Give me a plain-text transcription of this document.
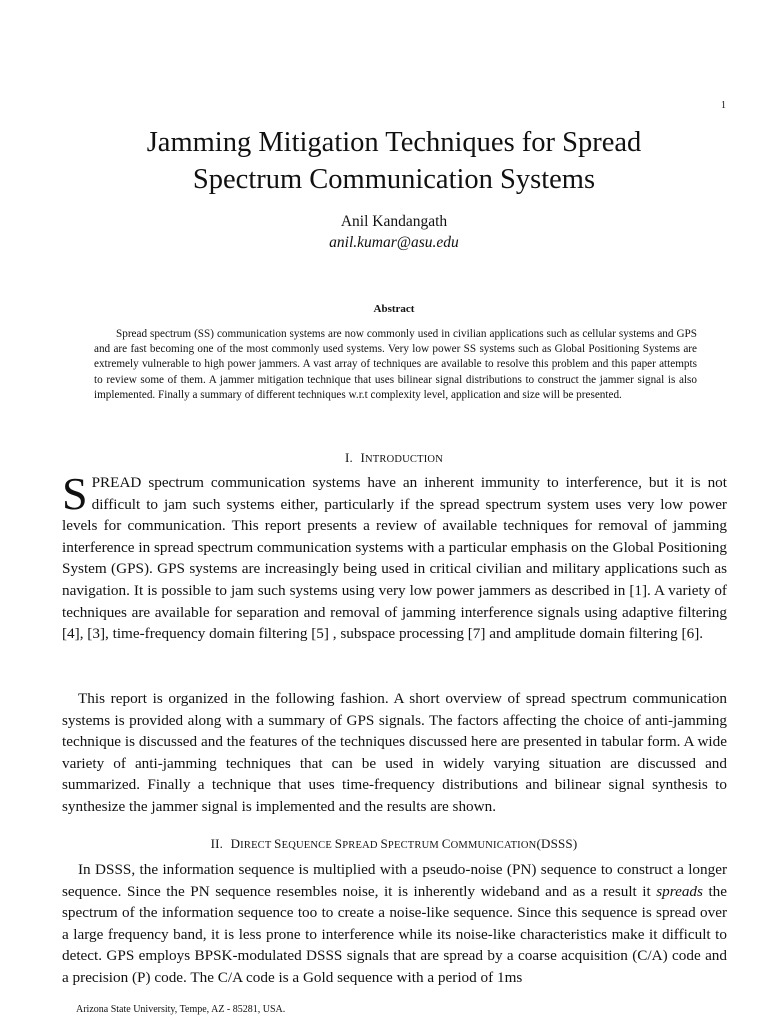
1
Jamming Mitigation Techniques for Spread
Spectrum Communication Systems
Anil Kandangath
anil.kumar@asu.edu
Abstract

Spread spectrum (SS) communication systems are now commonly used in civilian applications such as cellular systems and GPS and are fast becoming one of the most commonly used systems. Very low power SS systems such as Global Positioning Systems are extremely vulnerable to high power jammers. A vast array of techniques are available to resolve this problem and this paper attempts to review some of them. A jammer mitigation technique that uses bilinear signal distributions to construct the jammer signal is also implemented. Finally a summary of different techniques w.r.t complexity level, application and size will be presented.

I. INTRODUCTION

SPREAD spectrum communication systems have an inherent immunity to interference, but it is not difficult to jam such systems either, particularly if the spread spectrum system uses very low power levels for communication. This report presents a review of available techniques for removal of jamming interference in spread spectrum communication systems with a particular emphasis on the Global Positioning System (GPS). GPS systems are increasingly being used in critical civilian and military applications such as navigation. It is possible to jam such systems using very low power jammers as described in [1]. A variety of techniques are available for separation and removal of jamming interference signals using adaptive filtering [4], [3], time-frequency domain filtering [5] , subspace processing [7] and amplitude domain filtering [6].

This report is organized in the following fashion. A short overview of spread spectrum communication systems is provided along with a summary of GPS signals. The factors affecting the choice of anti-jamming technique is discussed and the features of the techniques discussed here are presented in tabular form. A wide variety of anti-jamming techniques that can be used in widely varying situation are discussed and summarized. Finally a technique that uses time-frequency distributions and bilinear signal synthesis to synthesize the jammer signal is implemented and the results are shown.

II. DIRECT SEQUENCE SPREAD SPECTRUM COMMUNICATION(DSSS)

In DSSS, the information sequence is multiplied with a pseudo-noise (PN) sequence to construct a longer sequence. Since the PN sequence resembles noise, it is inherently wideband and as a result it spreads the spectrum of the information sequence too to create a noise-like sequence. Since this sequence is spread over a large frequency band, it is less prone to interference while its noise-like characteristics make it difficult to detect. GPS employs BPSK-modulated DSSS signals that are spread by a coarse acquisition (C/A) code and a precision (P) code. The C/A code is a Gold sequence with a period of 1ms

Arizona State University, Tempe, AZ - 85281, USA.
